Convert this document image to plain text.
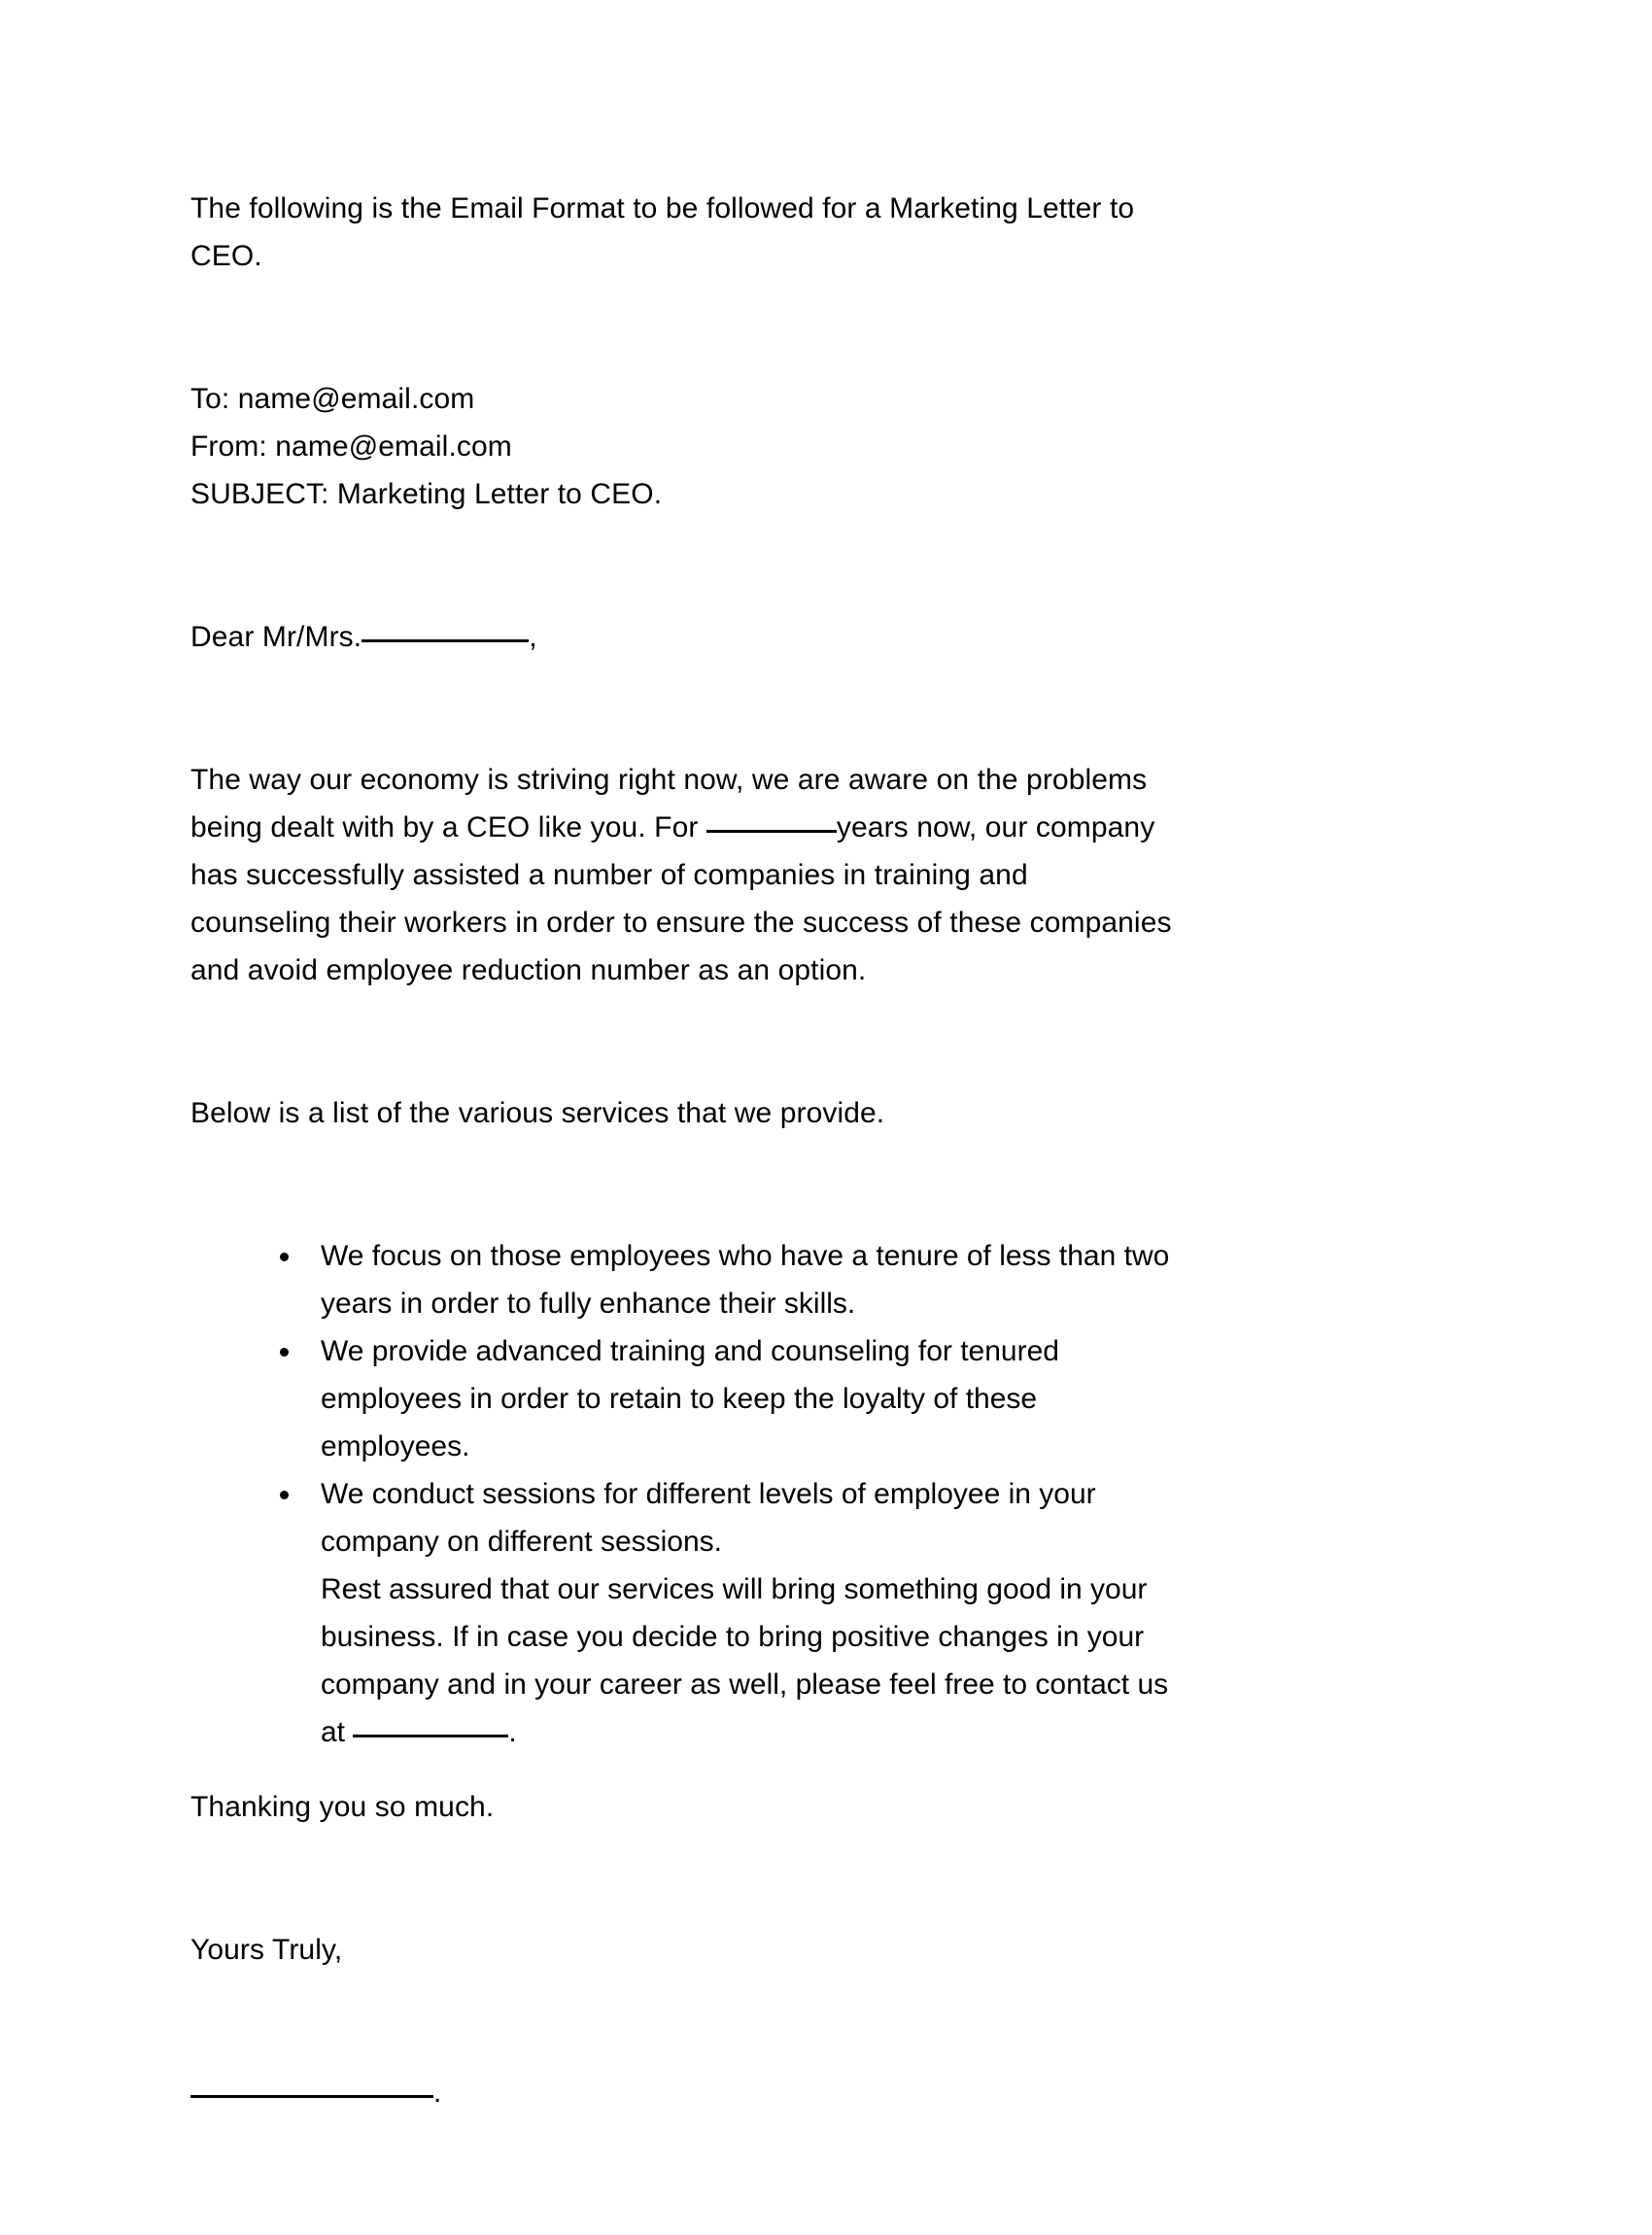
The following is the Email Format to be followed for a Marketing Letter to
CEO.

To: name@email.com
From: name@email.com
SUBJECT: Marketing Letter to CEO.

Dear Mr/Mrs.	,

The way our economy is striving right now, we are aware on the problems
being dealt with by a CEO like you. For	years now, our company
has successfully assisted a number of companies in training and
counseling their workers in order to ensure the success of these companies
and avoid employee reduction number as an option.

Below is a list of the various services that we provide.

We focus on those employees who have a tenure of less than two
years in order to fully enhance their skills.
We provide advanced training and counseling for tenured
employees in order to retain to keep the loyalty of these
employees.
We conduct sessions for different levels of employee in your
company on different sessions.

Rest assured that our services will bring something good in your
business. If in case you decide to bring positive changes in your
company and in your career as well, please feel free to contact us
at	.

Thanking you so much.

Yours Truly,

.
